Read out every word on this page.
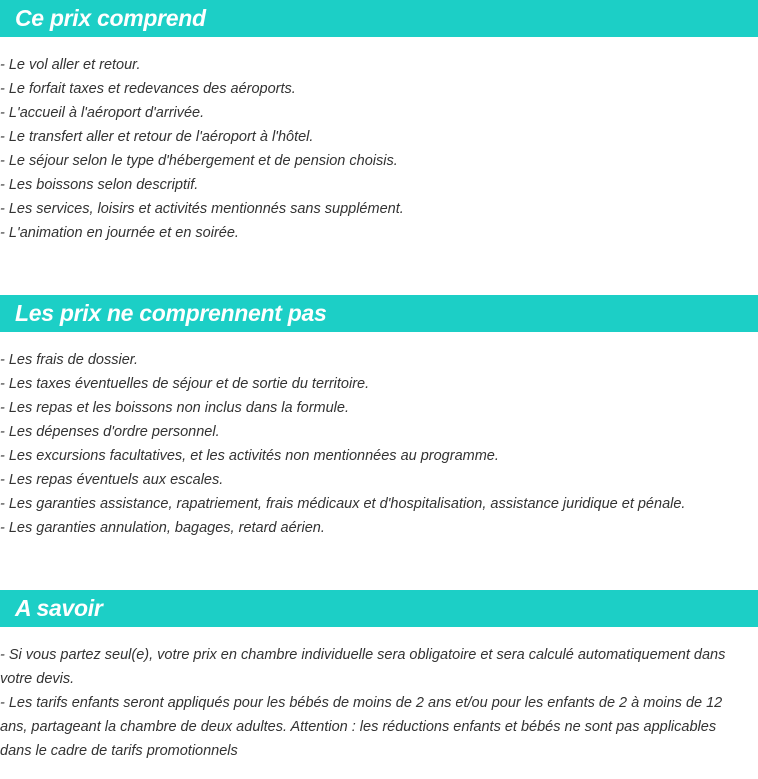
Ce prix comprend
- Le vol aller et retour.
- Le forfait taxes et redevances des aéroports.
- L'accueil à l'aéroport d'arrivée.
- Le transfert aller et retour de l'aéroport à l'hôtel.
- Le séjour selon le type d'hébergement et de pension choisis.
- Les boissons selon descriptif.
- Les services, loisirs et activités mentionnés sans supplément.
- L'animation en journée et en soirée.
Les prix ne comprennent pas
- Les frais de dossier.
- Les taxes éventuelles de séjour et de sortie du territoire.
- Les repas et les boissons non inclus dans la formule.
- Les dépenses d'ordre personnel.
- Les excursions facultatives, et les activités non mentionnées au programme.
- Les repas éventuels aux escales.
- Les garanties assistance, rapatriement, frais médicaux et d'hospitalisation, assistance juridique et pénale.
- Les garanties annulation, bagages, retard aérien.
A savoir

- Si vous partez seul(e), votre prix en chambre individuelle sera obligatoire et sera calculé automatiquement dans votre devis.

- Les tarifs enfants seront appliqués pour les bébés de moins de 2 ans et/ou pour les enfants de 2 à moins de 12 ans, partageant la chambre de deux adultes. Attention : les réductions enfants et bébés ne sont pas applicables dans le cadre de tarifs promotionnels
